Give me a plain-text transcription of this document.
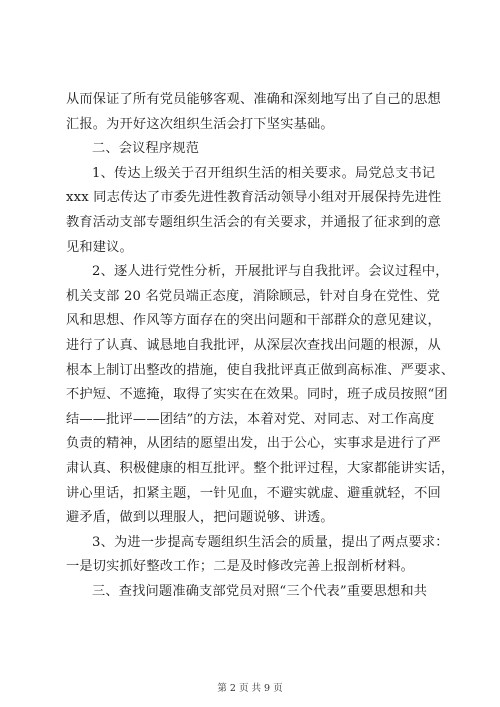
从而保证了所有党员能够客观、准确和深刻地写出了自己的思想
汇报。为开好这次组织生活会打下坚实基础。

二、会议程序规范

1、传达上级关于召开组织生活的相关要求。局党总支书记
xxx 同志传达了市委先进性教育活动领导小组对开展保持先进性
教育活动支部专题组织生活会的有关要求，并通报了征求到的意
见和建议。

2、逐人进行党性分析，开展批评与自我批评。会议过程中，
机关支部 20 名党员端正态度，消除顾忌，针对自身在党性、党
风和思想、作风等方面存在的突出问题和干部群众的意见建议，
进行了认真、诚恳地自我批评，从深层次查找出问题的根源，从
根本上制订出整改的措施，使自我批评真正做到高标准、严要求、
不护短、不遮掩，取得了实实在在效果。同时，班子成员按照“团
结——批评——团结”的方法，本着对党、对同志、对工作高度
负责的精神，从团结的愿望出发，出于公心，实事求是进行了严
肃认真、积极健康的相互批评。整个批评过程，大家都能讲实话，
讲心里话，扣紧主题，一针见血，不避实就虚、避重就轻，不回
避矛盾，做到以理服人，把问题说够、讲透。

3、为进一步提高专题组织生活会的质量，提出了两点要求：
一是切实抓好整改工作；二是及时修改完善上报剖析材料。

三、查找问题准确支部党员对照“三个代表”重要思想和共

第 2 页 共 9 页
